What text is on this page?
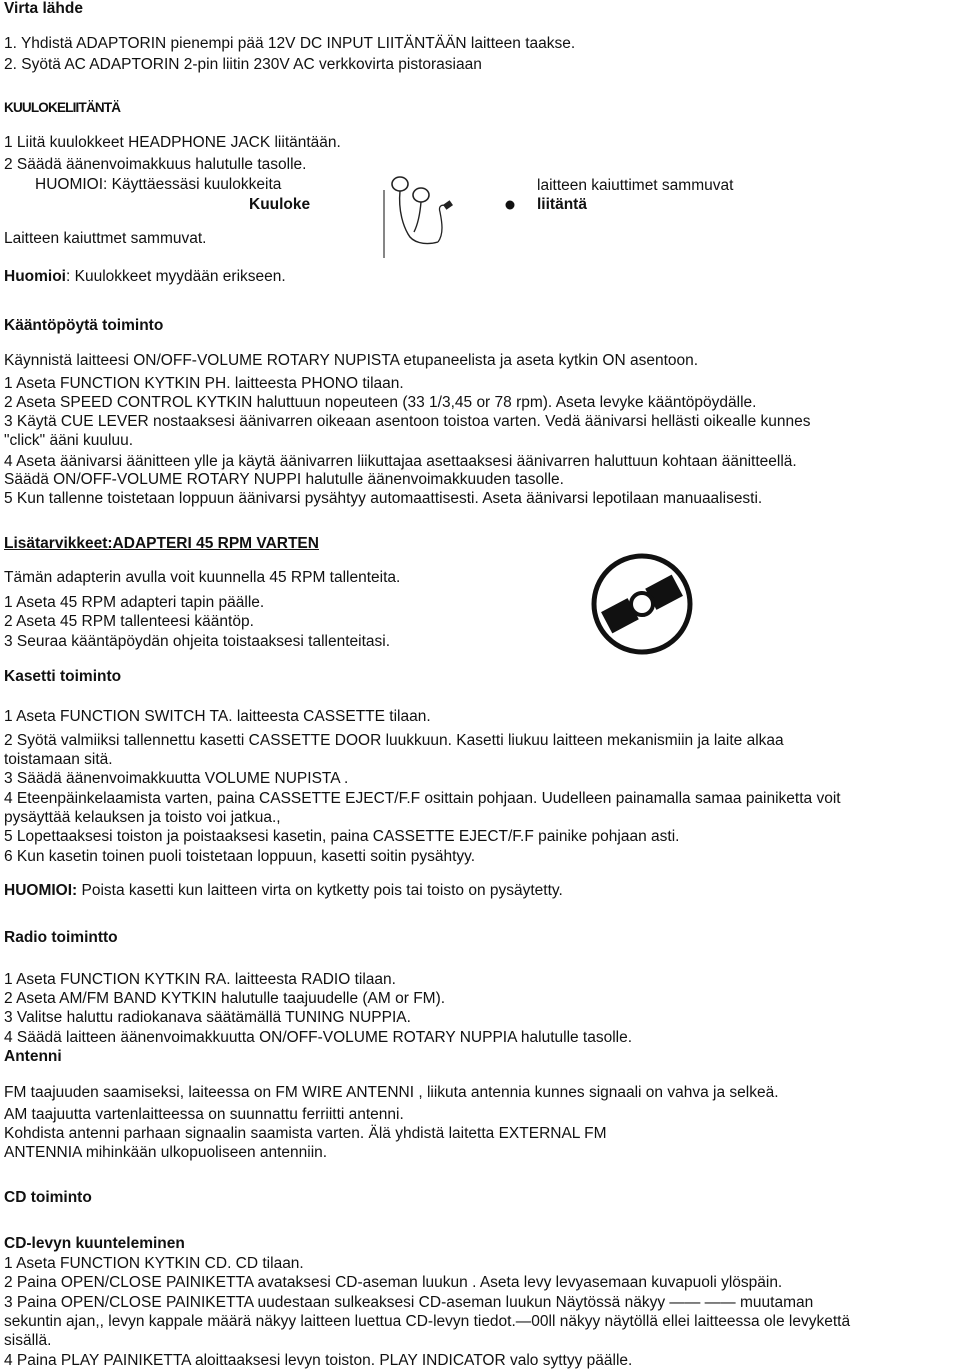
Virta lähde
1. Yhdistä ADAPTORIN pienempi pää 12V DC INPUT LIITÄNTÄÄN laitteen taakse.
2. Syötä AC ADAPTORIN 2-pin liitin 230V AC verkkovirta pistorasiaan
KUULOKELIITÄNTÄ
1 Liitä kuulokkeet HEADPHONE JACK liitäntään.
2 Säädä äänenvoimakkuus halutulle tasolle.
HUOMIOI: Käyttäessäsi kuulokkeita
Kuuloke
laitteen kaiuttimet sammuvat
liitäntä
Laitteen kaiuttmet sammuvat.
Huomioi: Kuulokkeet myydään erikseen.
Kääntöpöytä toiminto
Käynnistä laitteesi ON/OFF-VOLUME ROTARY NUPISTA etupaneelista ja aseta kytkin ON asentoon.
1 Aseta FUNCTION KYTKIN PH. laitteesta PHONO tilaan.
2 Aseta SPEED CONTROL KYTKIN haluttuun nopeuteen (33 1/3,45 or 78 rpm). Aseta levyke kääntöpöydälle.
3 Käytä CUE LEVER nostaaksesi äänivarren oikeaan asentoon toistoa varten. Vedä äänivarsi hellästi oikealle kunnes
"click" ääni kuuluu.
4 Aseta äänivarsi äänitteen ylle ja käytä äänivarren liikuttajaa asettaaksesi äänivarren haluttuun kohtaan äänitteellä.
Säädä ON/OFF-VOLUME ROTARY NUPPI halutulle äänenvoimakkuuden tasolle.
5 Kun tallenne toistetaan loppuun äänivarsi pysähtyy automaattisesti. Aseta äänivarsi lepotilaan manuaalisesti.
Lisätarvikkeet:ADAPTERI 45 RPM VARTEN
Tämän adapterin avulla voit kuunnella 45 RPM tallenteita.
1 Aseta 45 RPM adapteri tapin päälle.
2 Aseta 45 RPM tallenteesi kääntöp.
3 Seuraa kääntäpöydän ohjeita toistaaksesi tallenteitasi.
Kasetti toiminto
1 Aseta FUNCTION SWITCH TA. laitteesta CASSETTE tilaan.
2 Syötä valmiiksi tallennettu kasetti CASSETTE DOOR luukkuun. Kasetti liukuu laitteen mekanismiin ja laite alkaa
toistamaan sitä.
3 Säädä äänenvoimakkuutta VOLUME NUPISTA .
4 Eteenpäinkelaamista varten, paina CASSETTE EJECT/F.F osittain pohjaan. Uudelleen painamalla samaa painiketta voit
pysäyttää kelauksen ja toisto voi jatkua.,
5 Lopettaaksesi toiston ja poistaaksesi kasetin, paina CASSETTE EJECT/F.F painike pohjaan asti.
6 Kun kasetin toinen puoli toistetaan loppuun, kasetti soitin pysähtyy.
HUOMIOI: Poista kasetti kun laitteen virta on kytketty pois tai toisto on pysäytetty.
Radio toimintto
1 Aseta FUNCTION KYTKIN RA. laitteesta RADIO tilaan.
2 Aseta AM/FM BAND KYTKIN halutulle taajuudelle (AM or FM).
3 Valitse haluttu radiokanava säätämällä TUNING NUPPIA.
4 Säädä laitteen äänenvoimakkuutta ON/OFF-VOLUME ROTARY NUPPIA halutulle tasolle.
Antenni
FM taajuuden saamiseksi, laiteessa on FM WIRE ANTENNI , liikuta antennia kunnes signaali on vahva ja selkeä.
AM taajuutta vartenlaitteessa on suunnattu ferriitti antenni.
Kohdista antenni parhaan signaalin saamista varten. Älä yhdistä laitetta EXTERNAL FM
ANTENNIA mihinkään ulkopuoliseen antenniin.
CD toiminto
CD-levyn kuunteleminen
1 Aseta FUNCTION KYTKIN CD. CD tilaan.
2 Paina OPEN/CLOSE PAINIKETTA avataksesi CD-aseman luukun . Aseta levy levyasemaan kuvapuoli ylöspäin.
3 Paina OPEN/CLOSE PAINIKETTA uudestaan sulkeaksesi CD-aseman luukun Näytössä näkyy —— —— muutaman
sekuntin ajan,, levyn kappale määrä näkyy laitteen luettua CD-levyn tiedot.—00ll näkyy näytöllä ellei laitteessa ole levykettä
sisällä.
4 Paina PLAY PAINIKETTA aloittaaksesi levyn toiston. PLAY INDICATOR valo syttyy päälle.
